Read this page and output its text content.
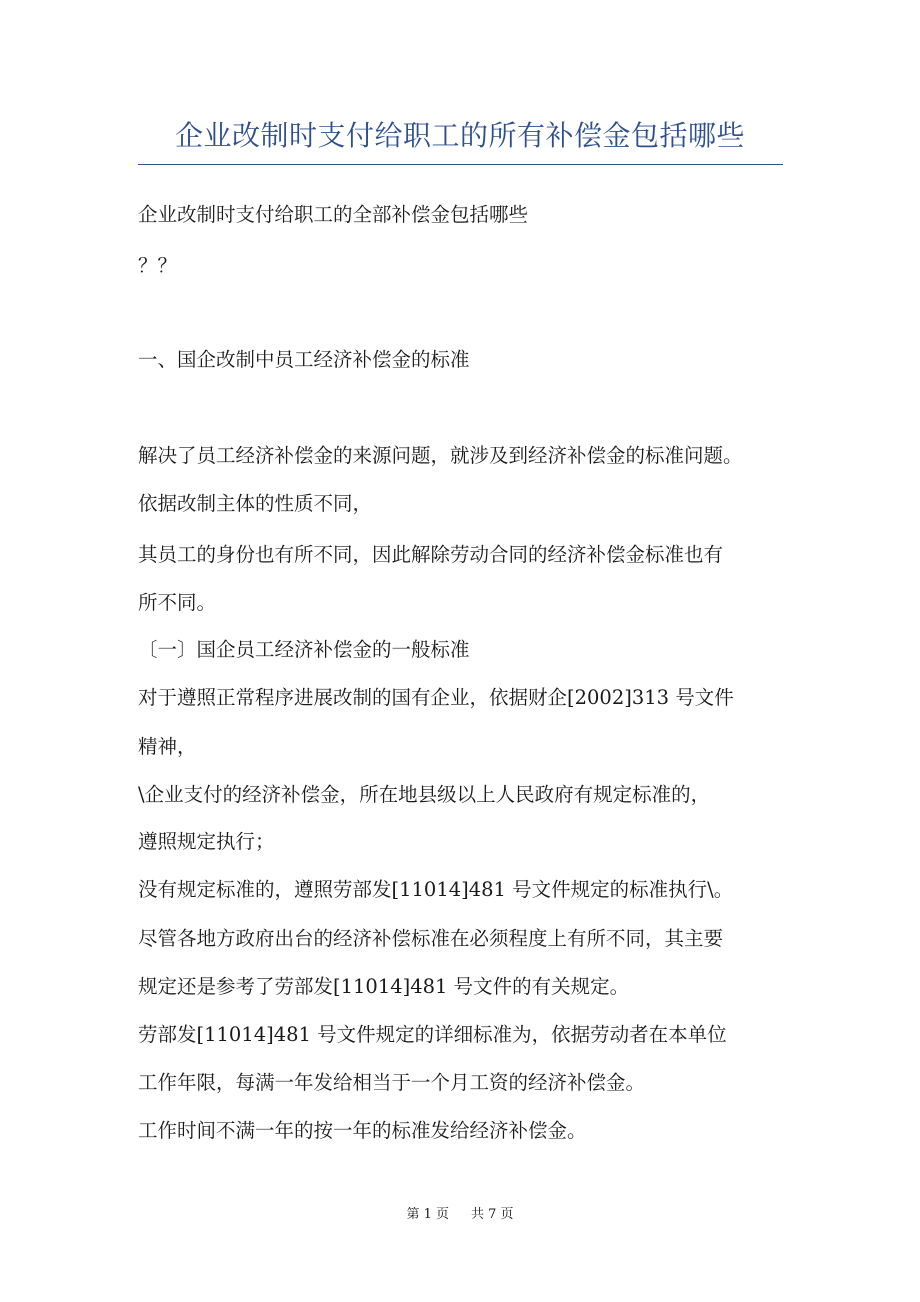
企业改制时支付给职工的所有补偿金包括哪些

企业改制时支付给职工的全部补偿金包括哪些

？？

一、国企改制中员工经济补偿金的标准

解决了员工经济补偿金的来源问题，就涉及到经济补偿金的标准问题。

依据改制主体的性质不同，

其员工的身份也有所不同，因此解除劳动合同的经济补偿金标准也有

所不同。

〔一〕国企员工经济补偿金的一般标准

对于遵照正常程序进展改制的国有企业，依据财企[2002]313 号文件

精神，

\企业支付的经济补偿金，所在地县级以上人民政府有规定标准的，

遵照规定执行；

没有规定标准的，遵照劳部发[11014]481 号文件规定的标准执行\。

尽管各地方政府出台的经济补偿标准在必须程度上有所不同，其主要

规定还是参考了劳部发[11014]481 号文件的有关规定。

劳部发[11014]481 号文件规定的详细标准为，依据劳动者在本单位

工作年限，每满一年发给相当于一个月工资的经济补偿金。

工作时间不满一年的按一年的标准发给经济补偿金。

第 1 页 共 7 页
